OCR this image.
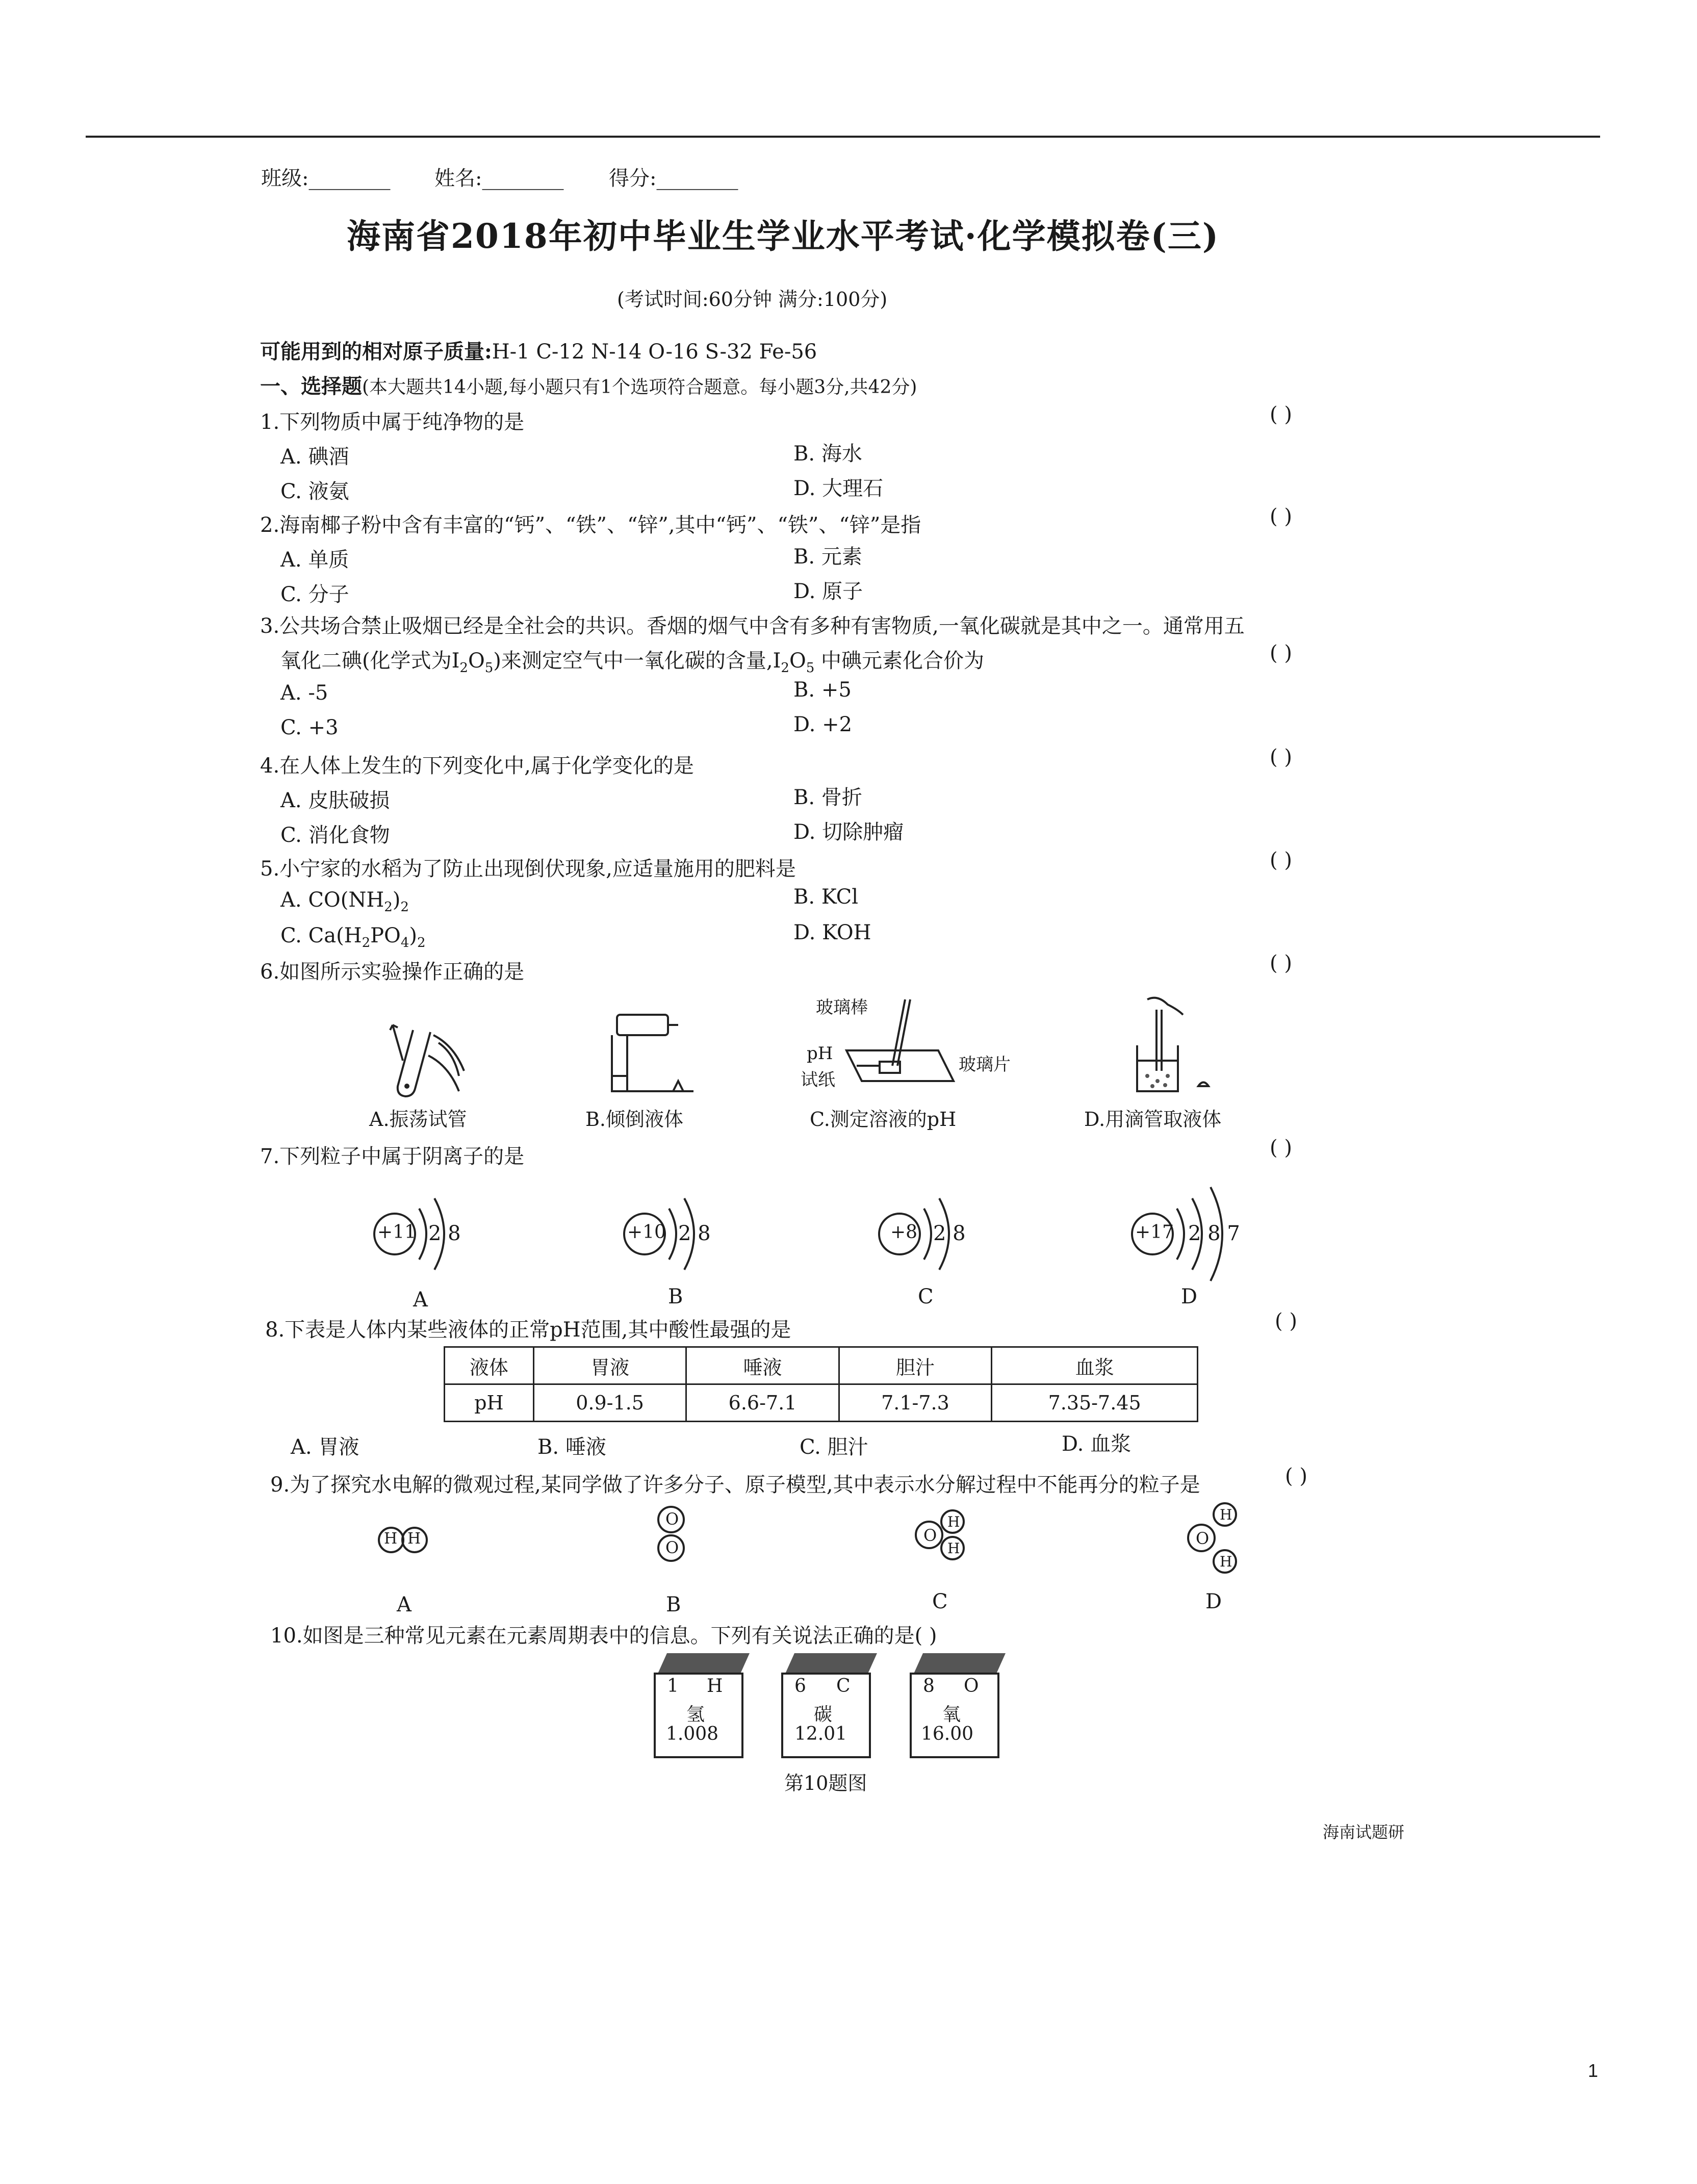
班级:________ 姓名:________ 得分:________
海南省2018年初中毕业生学业水平考试·化学模拟卷(三)
(考试时间:60分钟 满分:100分)
可能用到的相对原子质量:H-1 C-12 N-14 O-16 S-32 Fe-56
一、选择题(本大题共14小题,每小题只有1个选项符合题意。每小题3分,共42分)
1.下列物质中属于纯净物的是	( )
A. 碘酒	B. 海水
C. 液氨	D. 大理石
2.海南椰子粉中含有丰富的“钙”、“铁”、“锌”,其中“钙”、“铁”、“锌”是指	( )
A. 单质	B. 元素
C. 分子	D. 原子
3.公共场合禁止吸烟已经是全社会的共识。香烟的烟气中含有多种有害物质,一氧化碳就是其中之一。通常用五
氧化二碘(化学式为$I_2O_5$)来测定空气中一氧化碳的含量$,I_2O_5$ 中碘元素化合价为	( )
A. -5	B. +5
C. +3	D. +2
4.在人体上发生的下列变化中,属于化学变化的是	( )
A. 皮肤破损	B. 骨折
C. 消化食物	D. 切除肿瘤
5.小宁家的水稻为了防止出现倒伏现象,应适量施用的肥料是	( )
A. $CO(NH_2)_2$	B. KCl
C. $Ca(H_2PO_4)_2$	D. KOH
6.如图所示实验操作正确的是	( )
玻璃棒
pH
试纸
玻璃片
A.振荡试管	B.倾倒液体	C.测定溶液的pH	D.用滴管取液体
7.下列粒子中属于阴离子的是	( )
+11 2 8	+10 2 8	+8 2 8	+17 2 8 7
A	B	C	D
8.下表是人体内某些液体的正常pH范围,其中酸性最强的是	( )
液体	胃液	唾液	胆汁	血浆
pH	0.9-1.5	6.6-7.1	7.1-7.3	7.35-7.45
A. 胃液	B. 唾液	C. 胆汁	D. 血浆
9.为了探究水电解的微观过程,某同学做了许多分子、原子模型,其中表示水分解过程中不能再分的粒子是	( )
H H
O
O
O
H
H
O
H
H
A	B	C	D
10.如图是三种常见元素在元素周期表中的信息。下列有关说法正确的是( )
1 H
氢
1.008
6 C
碳
12.01
8 O
氧
16.00
第10题图
海南试题研
1
